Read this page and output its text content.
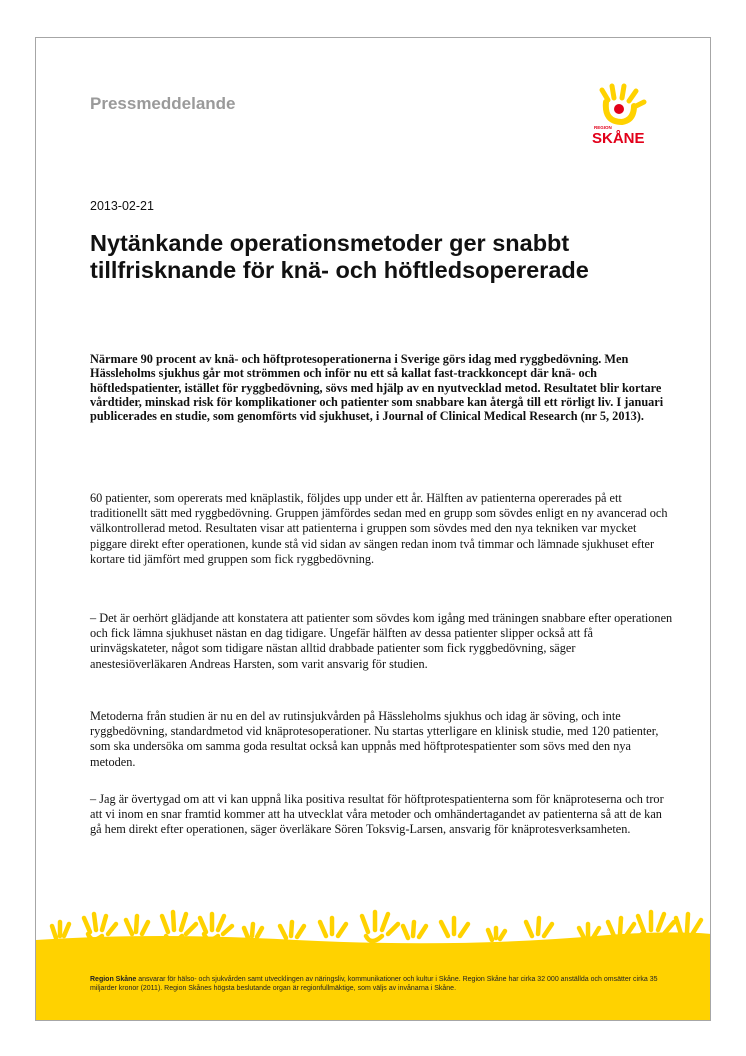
Pressmeddelande
REGION
SKÅNE
2013-02-21
Nytänkande operationsmetoder ger snabbt tillfrisknande för knä- och höftledsopererade

Närmare 90 procent av knä- och höftprotesoperationerna i Sverige görs idag med ryggbedövning. Men Hässleholms sjukhus går mot strömmen och inför nu ett så kallat fast-trackkoncept där knä- och höftledspatienter, istället för ryggbedövning, sövs med hjälp av en nyutvecklad metod. Resultatet blir kortare vårdtider, minskad risk för komplikationer och patienter som snabbare kan återgå till ett rörligt liv. I januari publicerades en studie, som genomförts vid sjukhuset, i Journal of Clinical Medical Research (nr 5, 2013).

60 patienter, som opererats med knäplastik, följdes upp under ett år. Hälften av patienterna opererades på ett traditionellt sätt med ryggbedövning. Gruppen jämfördes sedan med en grupp som sövdes enligt en ny avancerad och välkontrollerad metod. Resultaten visar att patienterna i gruppen som sövdes med den nya tekniken var mycket piggare direkt efter operationen, kunde stå vid sidan av sängen redan inom två timmar och lämnade sjukhuset efter kortare tid jämfört med gruppen som fick ryggbedövning.

– Det är oerhört glädjande att konstatera att patienter som sövdes kom igång med träningen snabbare efter operationen och fick lämna sjukhuset nästan en dag tidigare. Ungefär hälften av dessa patienter slipper också att få urinvägskateter, något som tidigare nästan alltid drabbade patienter som fick ryggbedövning, säger anestesiöverläkaren Andreas Harsten, som varit ansvarig för studien.

Metoderna från studien är nu en del av rutinsjukvården på Hässleholms sjukhus och idag är söving, och inte ryggbedövning, standardmetod vid knäprotesoperationer. Nu startas ytterligare en klinisk studie, med 120 patienter, som ska undersöka om samma goda resultat också kan uppnås med höftprotespatienter som sövs med den nya metoden.

– Jag är övertygad om att vi kan uppnå lika positiva resultat för höftprotespatienterna som för knäproteserna och tror att vi inom en snar framtid kommer att ha utvecklat våra metoder och omhändertagandet av patienterna så att de kan gå hem direkt efter operationen, säger överläkare Sören Toksvig-Larsen, ansvarig för knäprotesverksamheten.

Region Skåne ansvarar för hälso- och sjukvården samt utvecklingen av näringsliv, kommunikationer och kultur i Skåne. Region Skåne har cirka 32 000 anställda och omsätter cirka 35 miljarder kronor (2011). Region Skånes högsta beslutande organ är regionfullmäktige, som väljs av invånarna i Skåne.
